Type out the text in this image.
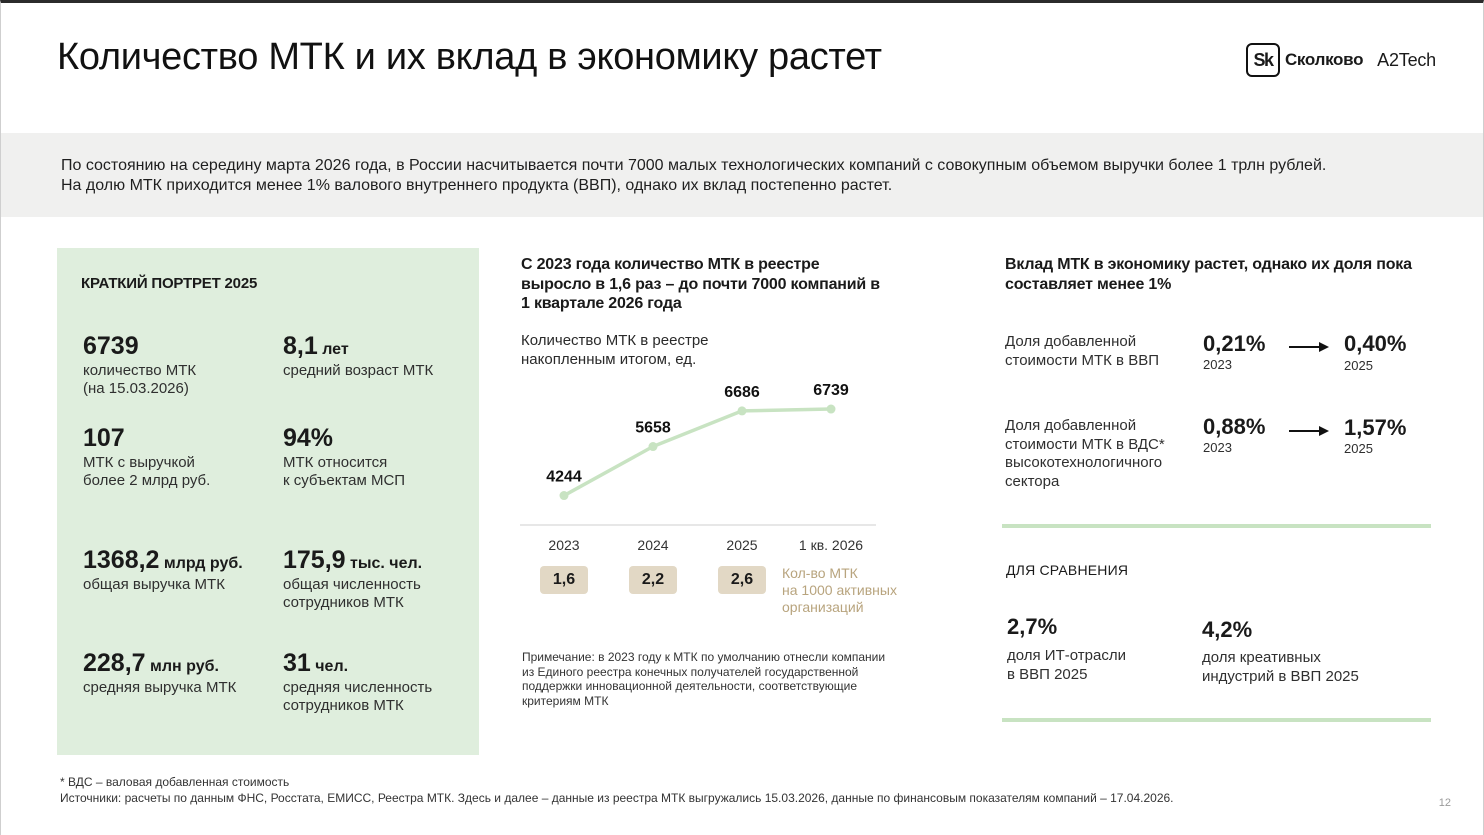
Количество МТК и их вклад в экономику растет	Sk Сколково A2Tech

По состоянию на середину марта 2026 года, в России насчитывается почти 7000 малых технологических компаний с совокупным объемом выручки более 1 трлн рублей.

На долю МТК приходится менее 1% валового внутреннего продукта (ВВП), однако их вклад постепенно растет.

КРАТКИЙ ПОРТРЕТ 2025
6739
количество МТК
(на 15.03.2026)
8,1 лет
средний возраст МТК
107
МТК с выручкой
более 2 млрд руб.
94%
МТК относится
к субъектам МСП
1368,2 млрд руб.
общая выручка МТК
175,9 тыс. чел.
общая численность
сотрудников МТК
228,7 млн руб.
средняя выручка МТК
31 чел.
средняя численность
сотрудников МТК
С 2023 года количество МТК в реестре выросло в 1,6 раз – до почти 7000 компаний в 1 квартале 2026 года
Количество МТК в реестре
накопленным итогом, ед.
4244
5658
6686	6739
2023	2024	2025	1 кв. 2026
1,6	2,2	2,6	Кол-во МТК
на 1000 активных
организаций
Примечание: в 2023 году к МТК по умолчанию отнесли компании из Единого реестра конечных получателей государственной поддержки инновационной деятельности, соответствующие критериям МТК
Вклад МТК в экономику растет, однако их доля пока составляет менее 1%
Доля добавленной
стоимости МТК в ВВП
0,21%
2023
0,40%
2025
Доля добавленной
стоимости МТК в ВДС*
высокотехнологичного
сектора
0,88%
2023
1,57%
2025
ДЛЯ СРАВНЕНИЯ
2,7%
доля ИТ-отрасли
в ВВП 2025
4,2%
доля креативных
индустрий в ВВП 2025
* ВДС – валовая добавленная стоимость
Источники: расчеты по данным ФНС, Росстата, ЕМИСС, Реестра МТК. Здесь и далее – данные из реестра МТК выгружались 15.03.2026, данные по финансовым показателям компаний – 17.04.2026.	12
